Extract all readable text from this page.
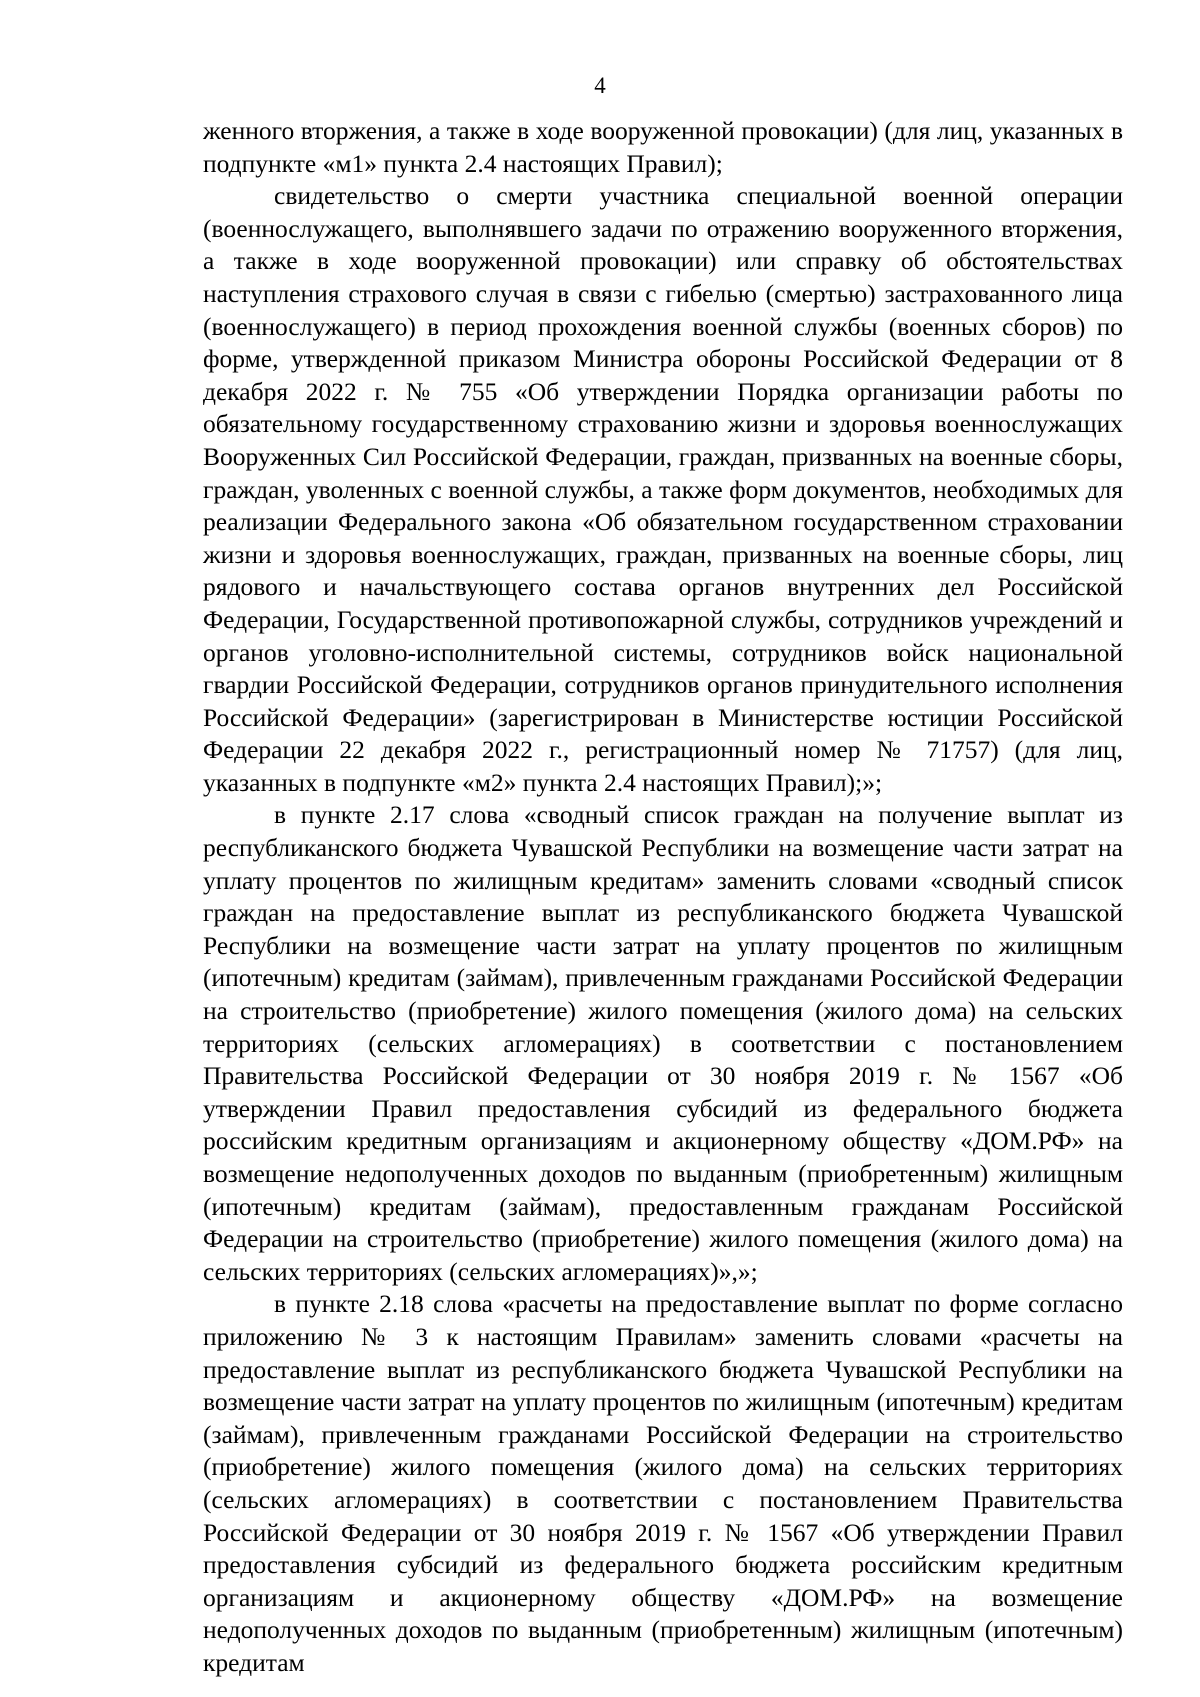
4

женного вторжения, а также в ходе вооруженной провокации) (для лиц, указанных в подпункте «м1» пункта 2.4 настоящих Правил);

свидетельство о смерти участника специальной военной операции (военнослужащего, выполнявшего задачи по отражению вооруженного вторжения, а также в ходе вооруженной провокации) или справку об обстоятельствах наступления страхового случая в связи с гибелью (смертью) застрахованного лица (военнослужащего) в период прохождения военной службы (военных сборов) по форме, утвержденной приказом Министра обороны Российской Федерации от 8 декабря 2022 г. № 755 «Об утверждении Порядка организации работы по обязательному государственному страхованию жизни и здоровья военнослужащих Вооруженных Сил Российской Федерации, граждан, призванных на военные сборы, граждан, уволенных с военной службы, а также форм документов, необходимых для реализации Федерального закона «Об обязательном государственном страховании жизни и здоровья военнослужащих, граждан, призванных на военные сборы, лиц рядового и начальствующего состава органов внутренних дел Российской Федерации, Государственной противопожарной службы, сотрудников учреждений и органов уголовно-исполнительной системы, сотрудников войск национальной гвардии Российской Федерации, сотрудников органов принудительного исполнения Российской Федерации» (зарегистрирован в Министерстве юстиции Российской Федерации 22 декабря 2022 г., регистрационный номер № 71757) (для лиц, указанных в подпункте «м2» пункта 2.4 настоящих Правил);»;

в пункте 2.17 слова «сводный список граждан на получение выплат из республиканского бюджета Чувашской Республики на возмещение части затрат на уплату процентов по жилищным кредитам» заменить словами «сводный список граждан на предоставление выплат из республиканского бюджета Чувашской Республики на возмещение части затрат на уплату процентов по жилищным (ипотечным) кредитам (займам), привлеченным гражданами Российской Федерации на строительство (приобретение) жилого помещения (жилого дома) на сельских территориях (сельских агломерациях) в соответствии с постановлением Правительства Российской Федерации от 30 ноября 2019 г. № 1567 «Об утверждении Правил предоставления субсидий из федерального бюджета российским кредитным организациям и акционерному обществу «ДОМ.РФ» на возмещение недополученных доходов по выданным (приобретенным) жилищным (ипотечным) кредитам (займам), предоставленным гражданам Российской Федерации на строительство (приобретение) жилого помещения (жилого дома) на сельских территориях (сельских агломерациях)»,»;

в пункте 2.18 слова «расчеты на предоставление выплат по форме согласно приложению № 3 к настоящим Правилам» заменить словами «расчеты на предоставление выплат из республиканского бюджета Чувашской Республики на возмещение части затрат на уплату процентов по жилищным (ипотечным) кредитам (займам), привлеченным гражданами Российской Федерации на строительство (приобретение) жилого помещения (жилого дома) на сельских территориях (сельских агломерациях) в соответствии с постановлением Правительства Российской Федерации от 30 ноября 2019 г. № 1567 «Об утверждении Правил предоставления субсидий из федерального бюджета российским кредитным организациям и акционерному обществу «ДОМ.РФ» на возмещение недополученных доходов по выданным (приобретенным) жилищным (ипотечным) кредитам
